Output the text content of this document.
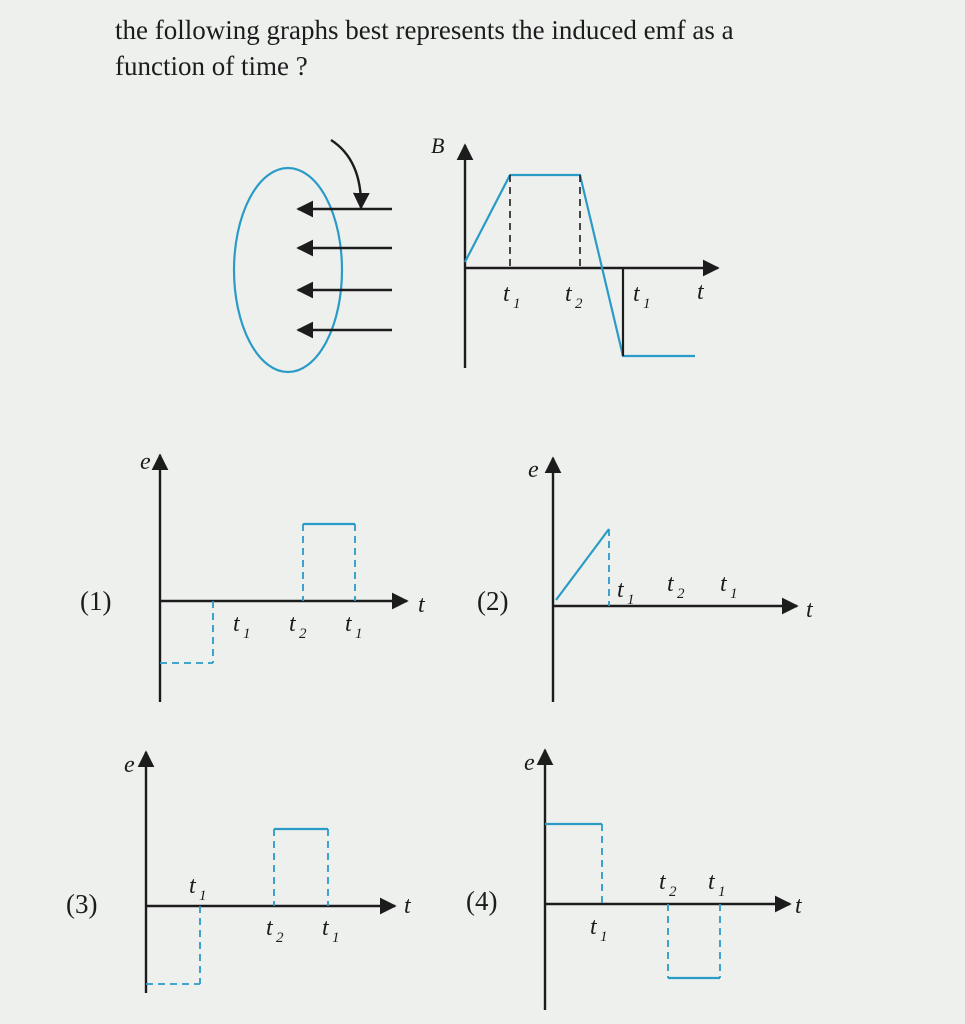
the following graphs best represents the induced emf as a
function of time ?
B
t
t 1 t 2 t 1
(1)
e
t
t 1 t 2 t 1
(2)
e
t
t 1
t 2 t 1
(3)
e
t
t 1
t 2 t 1
(4)
e
t
t 1
t 2 t 1
